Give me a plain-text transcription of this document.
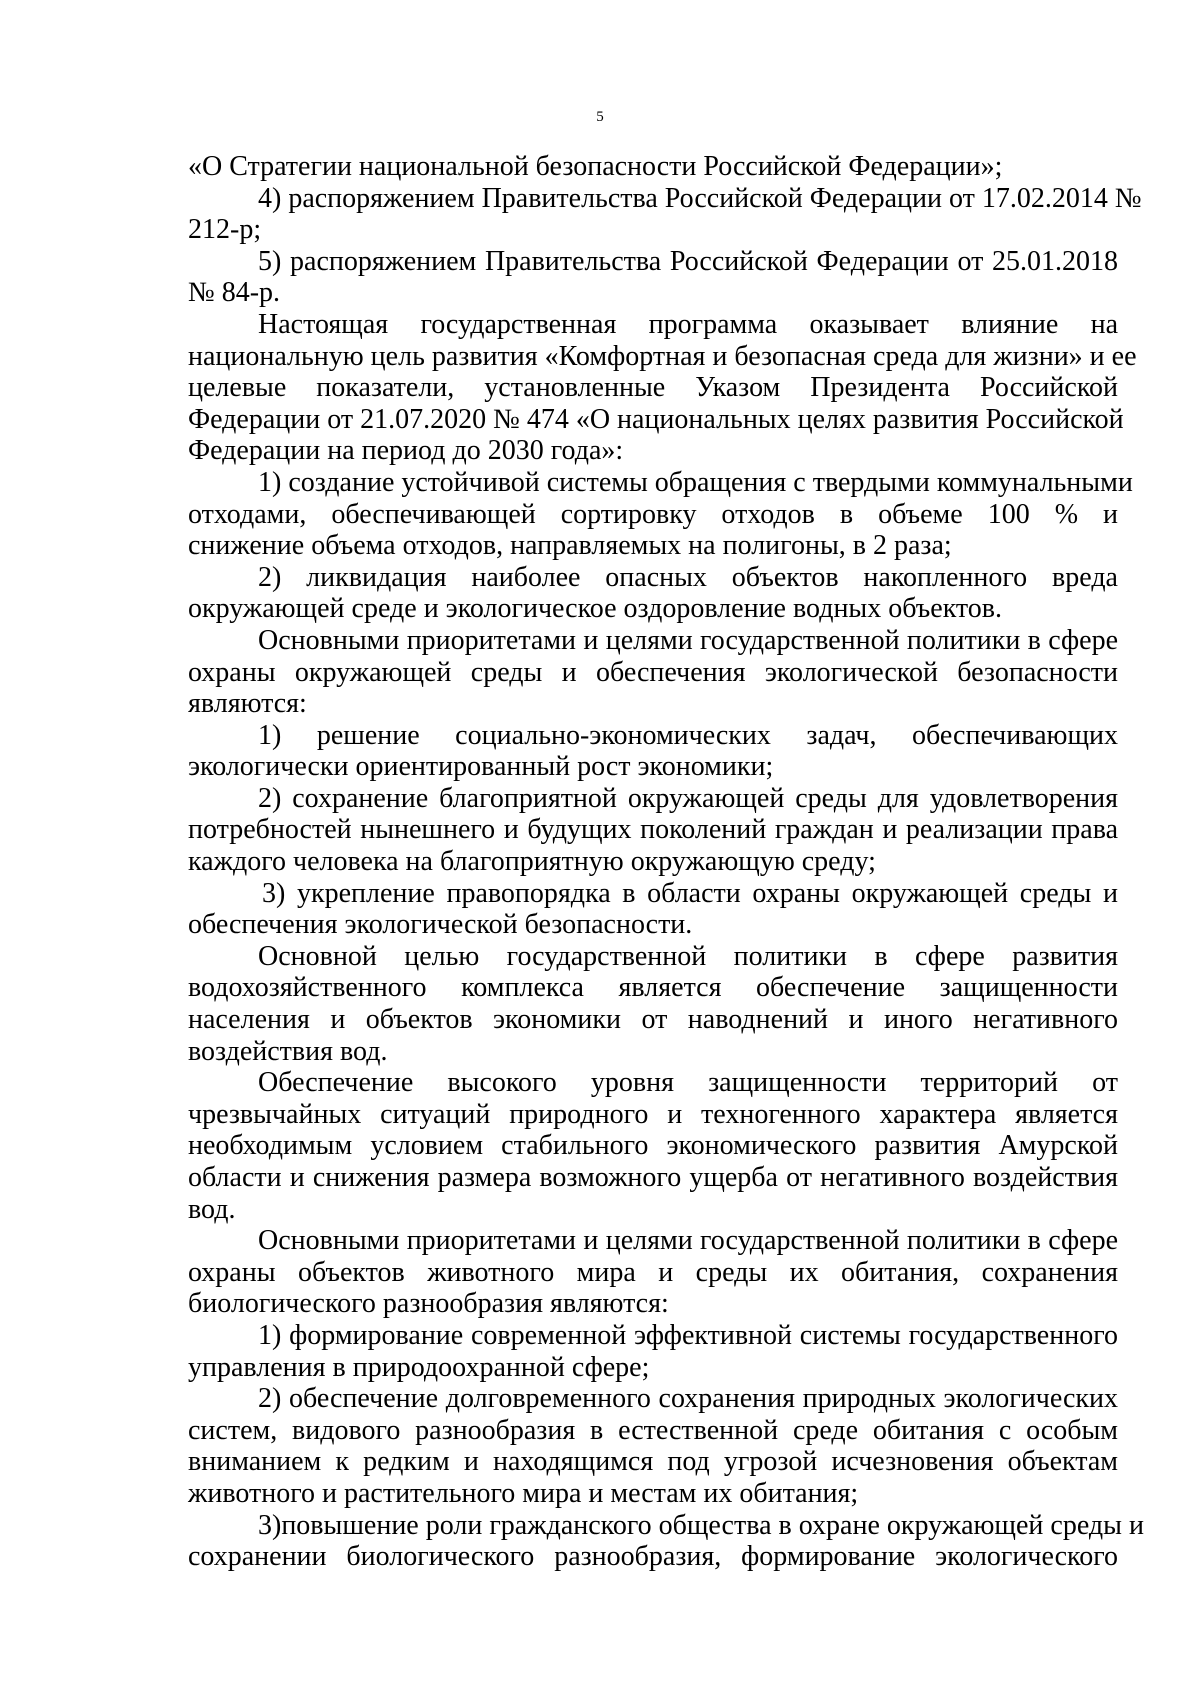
5
«О Стратегии национальной безопасности Российской Федерации»;
4) распоряжением Правительства Российской Федерации от 17.02.2014 №
212-р;
5) распоряжением Правительства Российской Федерации от 25.01.2018
№ 84-р.
Настоящая государственная программа оказывает влияние на
национальную цель развития «Комфортная и безопасная среда для жизни» и ее
целевые показатели, установленные Указом Президента Российской
Федерации от 21.07.2020 № 474 «О национальных целях развития Российской
Федерации на период до 2030 года»:
1) создание устойчивой системы обращения с твердыми коммунальными
отходами, обеспечивающей сортировку отходов в объеме 100 % и
снижение объема отходов, направляемых на полигоны, в 2 раза;
2) ликвидация наиболее опасных объектов накопленного вреда
окружающей среде и экологическое оздоровление водных объектов.
Основными приоритетами и целями государственной политики в сфере
охраны окружающей среды и обеспечения экологической безопасности
являются:
1) решение социально-экономических задач, обеспечивающих
экологически ориентированный рост экономики;
2) сохранение благоприятной окружающей среды для удовлетворения
потребностей нынешнего и будущих поколений граждан и реализации права
каждого человека на благоприятную окружающую среду;
3) укрепление правопорядка в области охраны окружающей среды и
обеспечения экологической безопасности.
Основной целью государственной политики в сфере развития
водохозяйственного комплекса является обеспечение защищенности
населения и объектов экономики от наводнений и иного негативного
воздействия вод.
Обеспечение высокого уровня защищенности территорий от
чрезвычайных ситуаций природного и техногенного характера является
необходимым условием стабильного экономического развития Амурской
области и снижения размера возможного ущерба от негативного воздействия
вод.
Основными приоритетами и целями государственной политики в сфере
охраны объектов животного мира и среды их обитания, сохранения
биологического разнообразия являются:
1) формирование современной эффективной системы государственного
управления в природоохранной сфере;
2) обеспечение долговременного сохранения природных экологических
систем, видового разнообразия в естественной среде обитания с особым
вниманием к редким и находящимся под угрозой исчезновения объектам
животного и растительного мира и местам их обитания;
3)повышение роли гражданского общества в охране окружающей среды и
сохранении биологического разнообразия, формирование экологического
